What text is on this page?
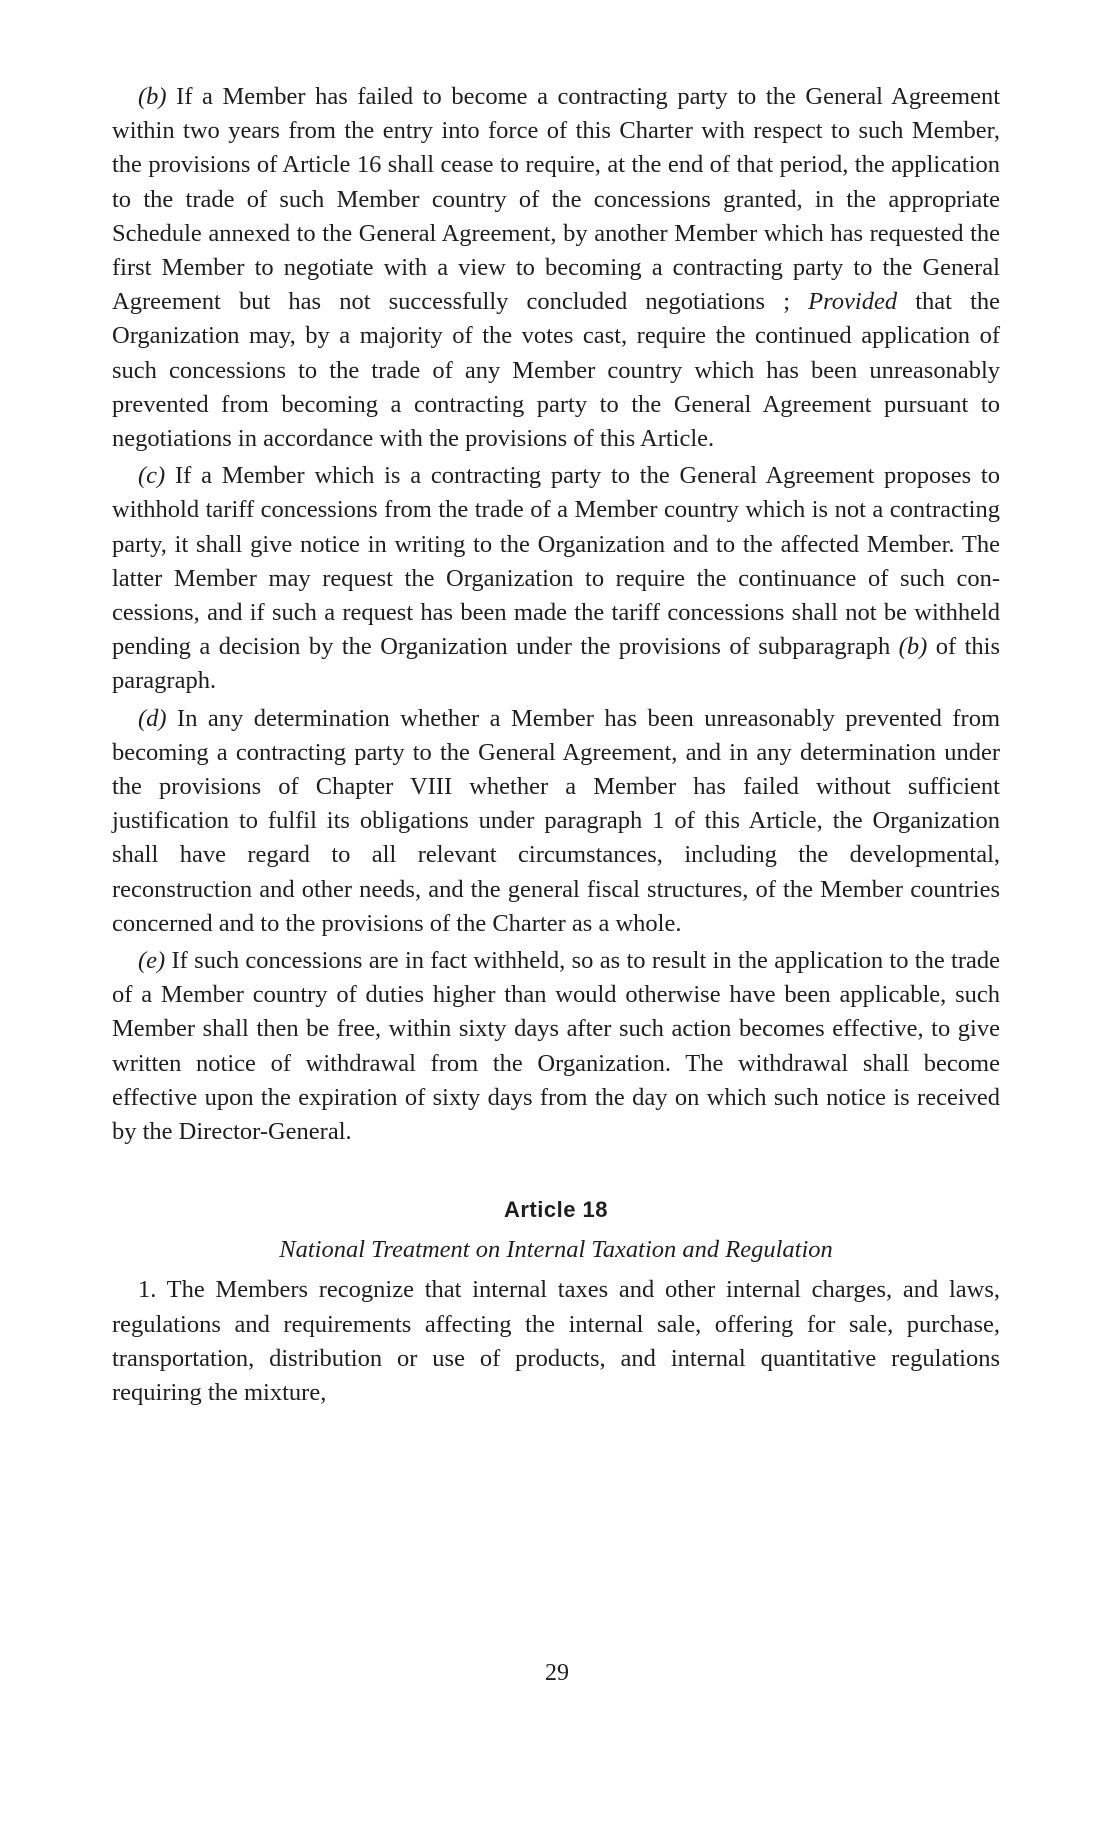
(b) If a Member has failed to become a contracting party to the General Agreement within two years from the entry into force of this Charter with respect to such Member, the provisions of Article 16 shall cease to require, at the end of that period, the application to the trade of such Member country of the concessions granted, in the appropriate Schedule annexed to the General Agreement, by another Member which has requested the first Member to negotiate with a view to becoming a contracting party to the General Agreement but has not successfully concluded negotiations ; Provided that the Organization may, by a majority of the votes cast, require the continued application of such concessions to the trade of any Member country which has been unreasonably prevented from becoming a contracting party to the General Agreement pursuant to negotiations in accordance with the provisions of this Article.

(c) If a Member which is a contracting party to the General Agreement proposes to withhold tariff concessions from the trade of a Member country which is not a contracting party, it shall give notice in writing to the Organization and to the affected Member. The latter Member may request the Organization to require the continuance of such concessions, and if such a request has been made the tariff concessions shall not be withheld pending a decision by the Organization under the provisions of subparagraph (b) of this paragraph.

(d) In any determination whether a Member has been unreasonably prevented from becoming a contracting party to the General Agreement, and in any determination under the provisions of Chapter VIII whether a Member has failed without sufficient justification to fulfil its obligations under paragraph 1 of this Article, the Organization shall have regard to all relevant circumstances, including the developmental, reconstruction and other needs, and the general fiscal structures, of the Member countries concerned and to the provisions of the Charter as a whole.

(e) If such concessions are in fact withheld, so as to result in the application to the trade of a Member country of duties higher than would otherwise have been applicable, such Member shall then be free, within sixty days after such action becomes effective, to give written notice of withdrawal from the Organization. The withdrawal shall become effective upon the expiration of sixty days from the day on which such notice is received by the Director-General.

Article 18
National Treatment on Internal Taxation and Regulation

1. The Members recognize that internal taxes and other internal charges, and laws, regulations and requirements affecting the internal sale, offering for sale, purchase, transportation, distribution or use of products, and internal quantitative regulations requiring the mixture,

29
